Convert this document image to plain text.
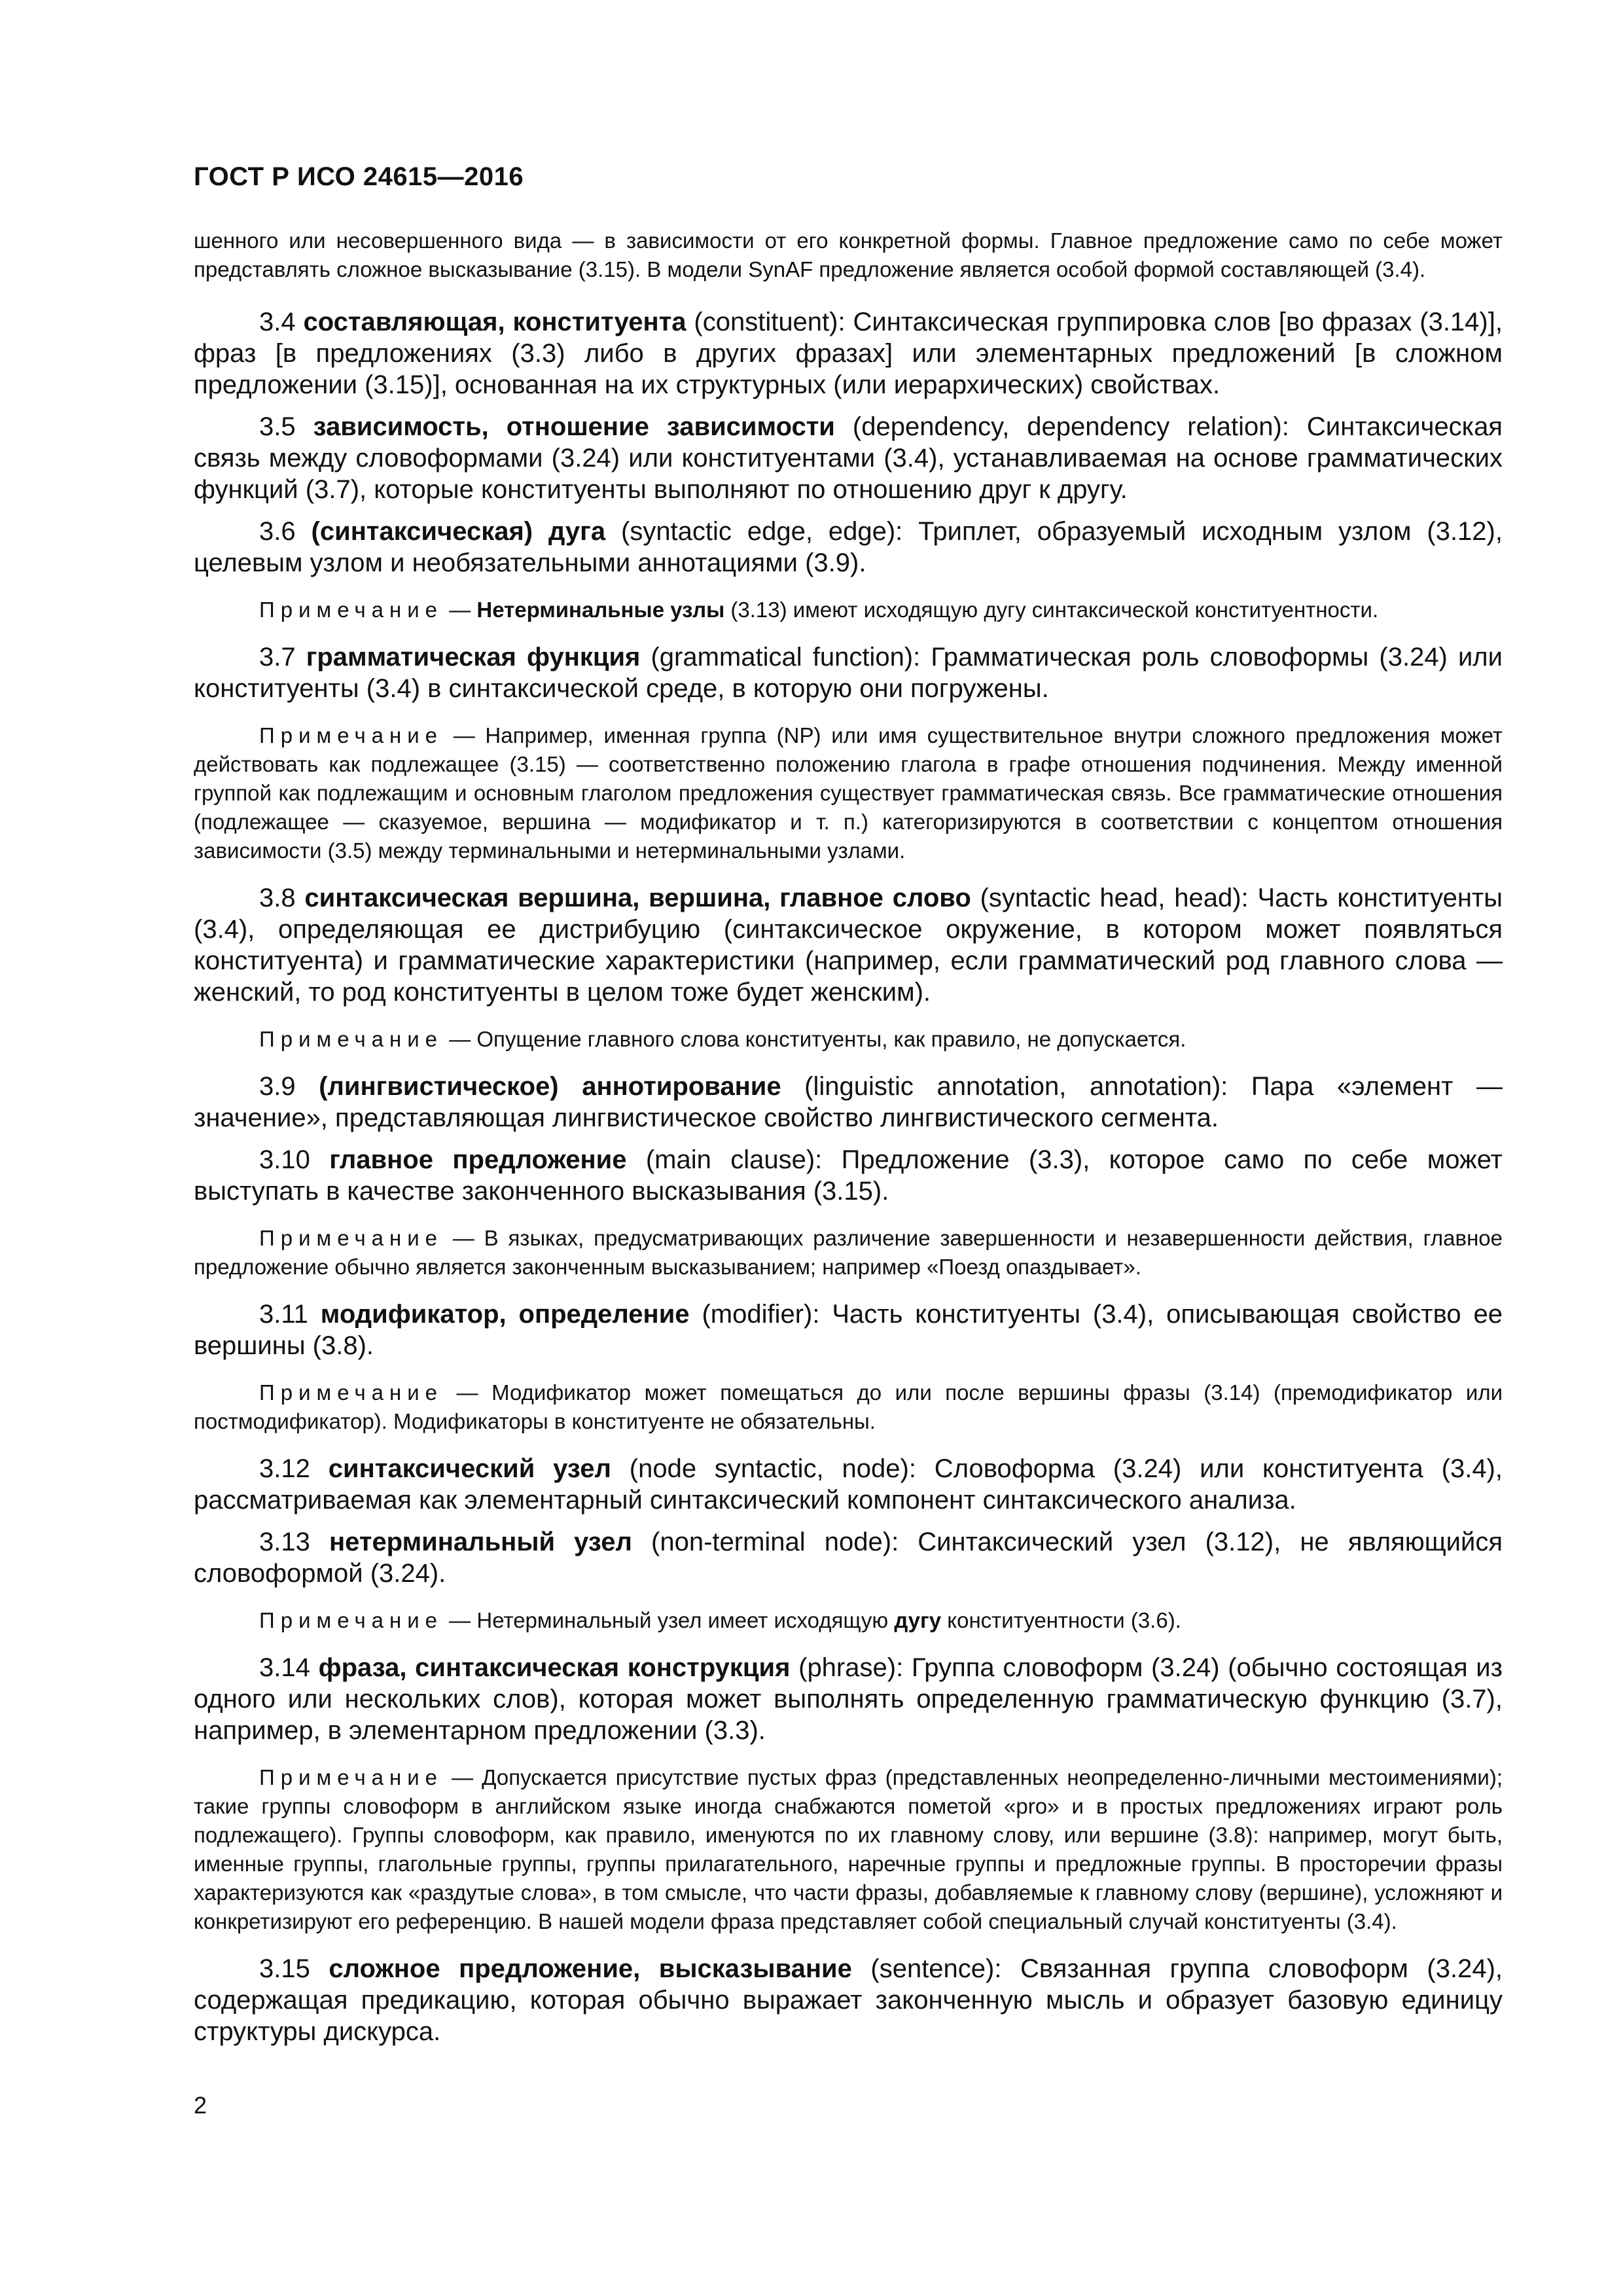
ГОСТ Р ИСО 24615—2016

шенного или несовершенного вида — в зависимости от его конкретной формы. Главное предложение само по себе может представлять сложное высказывание (3.15). В модели SynAF предложение является особой формой составляющей (3.4).

3.4 составляющая, конституента (constituent): Синтаксическая группировка слов [во фразах (3.14)], фраз [в предложениях (3.3) либо в других фразах] или элементарных предложений [в сложном предложении (3.15)], основанная на их структурных (или иерархических) свойствах.

3.5 зависимость, отношение зависимости (dependency, dependency relation): Синтаксическая связь между словоформами (3.24) или конституентами (3.4), устанавливаемая на основе грамматических функций (3.7), которые конституенты выполняют по отношению друг к другу.

3.6 (синтаксическая) дуга (syntactic edge, edge): Триплет, образуемый исходным узлом (3.12), целевым узлом и необязательными аннотациями (3.9).

Примечание — Нетерминальные узлы (3.13) имеют исходящую дугу синтаксической конституентности.

3.7 грамматическая функция (grammatical function): Грамматическая роль словоформы (3.24) или конституенты (3.4) в синтаксической среде, в которую они погружены.

Примечание — Например, именная группа (NP) или имя существительное внутри сложного предложения может действовать как подлежащее (3.15) — соответственно положению глагола в графе отношения подчинения. Между именной группой как подлежащим и основным глаголом предложения существует грамматическая связь. Все грамматические отношения (подлежащее — сказуемое, вершина — модификатор и т. п.) категоризируются в соответствии с концептом отношения зависимости (3.5) между терминальными и нетерминальными узлами.

3.8 синтаксическая вершина, вершина, главное слово (syntactic head, head): Часть конституенты (3.4), определяющая ее дистрибуцию (синтаксическое окружение, в котором может появляться конституента) и грамматические характеристики (например, если грамматический род главного слова — женский, то род конституенты в целом тоже будет женским).

Примечание — Опущение главного слова конституенты, как правило, не допускается.

3.9 (лингвистическое) аннотирование (linguistic annotation, annotation): Пара «элемент — значение», представляющая лингвистическое свойство лингвистического сегмента.

3.10 главное предложение (main clause): Предложение (3.3), которое само по себе может выступать в качестве законченного высказывания (3.15).

Примечание — В языках, предусматривающих различение завершенности и незавершенности действия, главное предложение обычно является законченным высказыванием; например «Поезд опаздывает».

3.11 модификатор, определение (modifier): Часть конституенты (3.4), описывающая свойство ее вершины (3.8).

Примечание — Модификатор может помещаться до или после вершины фразы (3.14) (премодификатор или постмодификатор). Модификаторы в конституенте не обязательны.

3.12 синтаксический узел (node syntactic, node): Словоформа (3.24) или конституента (3.4), рассматриваемая как элементарный синтаксический компонент синтаксического анализа.

3.13 нетерминальный узел (non-terminal node): Синтаксический узел (3.12), не являющийся словоформой (3.24).

Примечание — Нетерминальный узел имеет исходящую дугу конституентности (3.6).

3.14 фраза, синтаксическая конструкция (phrase): Группа словоформ (3.24) (обычно состоящая из одного или нескольких слов), которая может выполнять определенную грамматическую функцию (3.7), например, в элементарном предложении (3.3).

Примечание — Допускается присутствие пустых фраз (представленных неопределенно-личными местоимениями); такие группы словоформ в английском языке иногда снабжаются пометой «pro» и в простых предложениях играют роль подлежащего). Группы словоформ, как правило, именуются по их главному слову, или вершине (3.8): например, могут быть, именные группы, глагольные группы, группы прилагательного, наречные группы и предложные группы. В просторечии фразы характеризуются как «раздутые слова», в том смысле, что части фразы, добавляемые к главному слову (вершине), усложняют и конкретизируют его референцию. В нашей модели фраза представляет собой специальный случай конституенты (3.4).

3.15 сложное предложение, высказывание (sentence): Связанная группа словоформ (3.24), содержащая предикацию, которая обычно выражает законченную мысль и образует базовую единицу структуры дискурса.

2
